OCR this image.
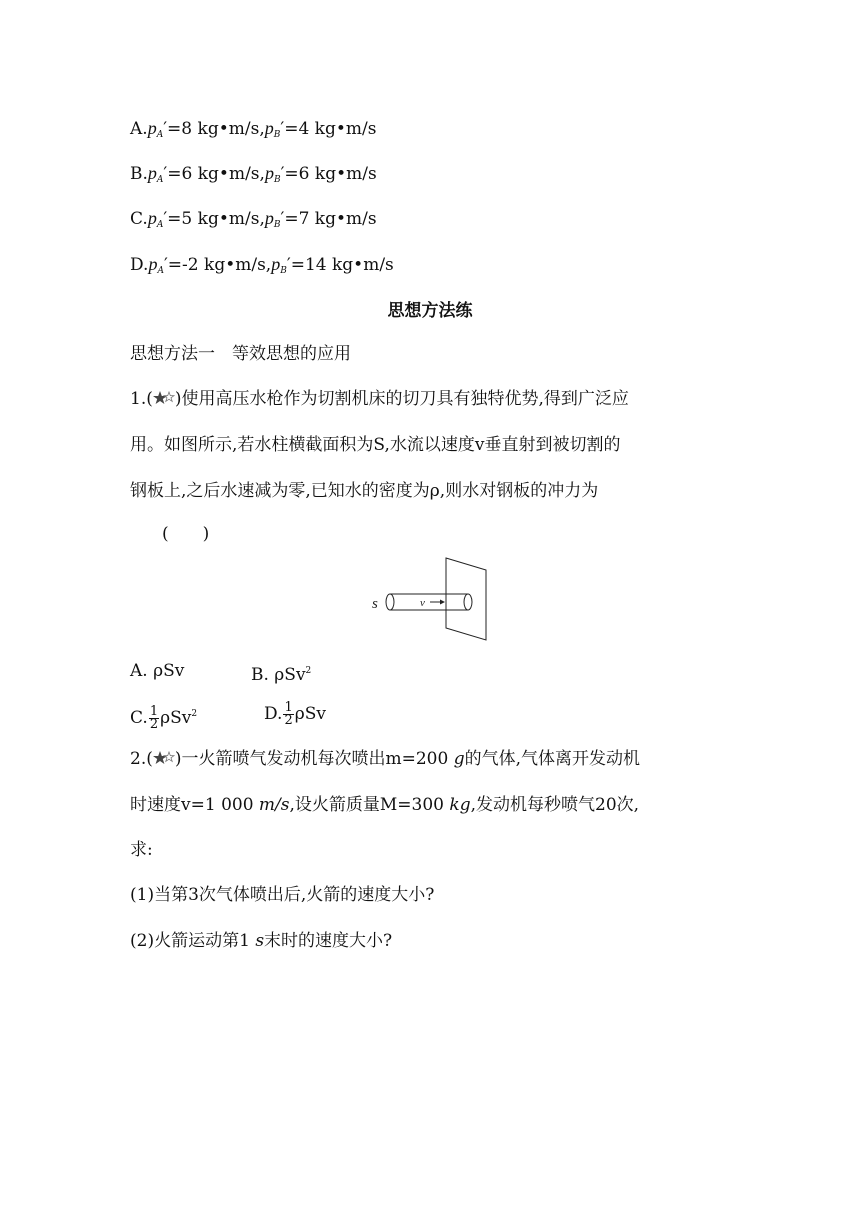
$A.p_A'=8$ $kg•m/s,p_B'=4$ kg•m/s
$B.p_A'=6$ $kg•m/s,p_B'=6$ kg•m/s
$C.p_A'=5$ $kg•m/s,p_B'=7$ kg•m/s
$D.p_A'=-2$ $kg•m/s,p_B'=14$ kg•m/s
思想方法练
思想方法一　等效思想的应用
1.( )使用高压水枪作为切割机床的切刀具有独特优势,得到广泛应
用。如图所示,若水柱横截面积为S,水流以速度v垂直射到被切割的
钢板上,之后水速减为零,已知水的密度为ρ,则水对钢板的冲力为
(　　)
s	v
A. ρSv	B. ρSv$^2$
C. $\frac{1}{2} \rho Sv^2$	D. $\frac{1}{2}$ ρSv
2.( )一火箭喷气发动机每次喷出m=200 g的气体,气体离开发动机
时速度v=1 000 m/s,设火箭质量M=300 kg,发动机每秒喷气20次,
求:
(1)当第3次气体喷出后,火箭的速度大小?
(2)火箭运动第1 s末时的速度大小?
